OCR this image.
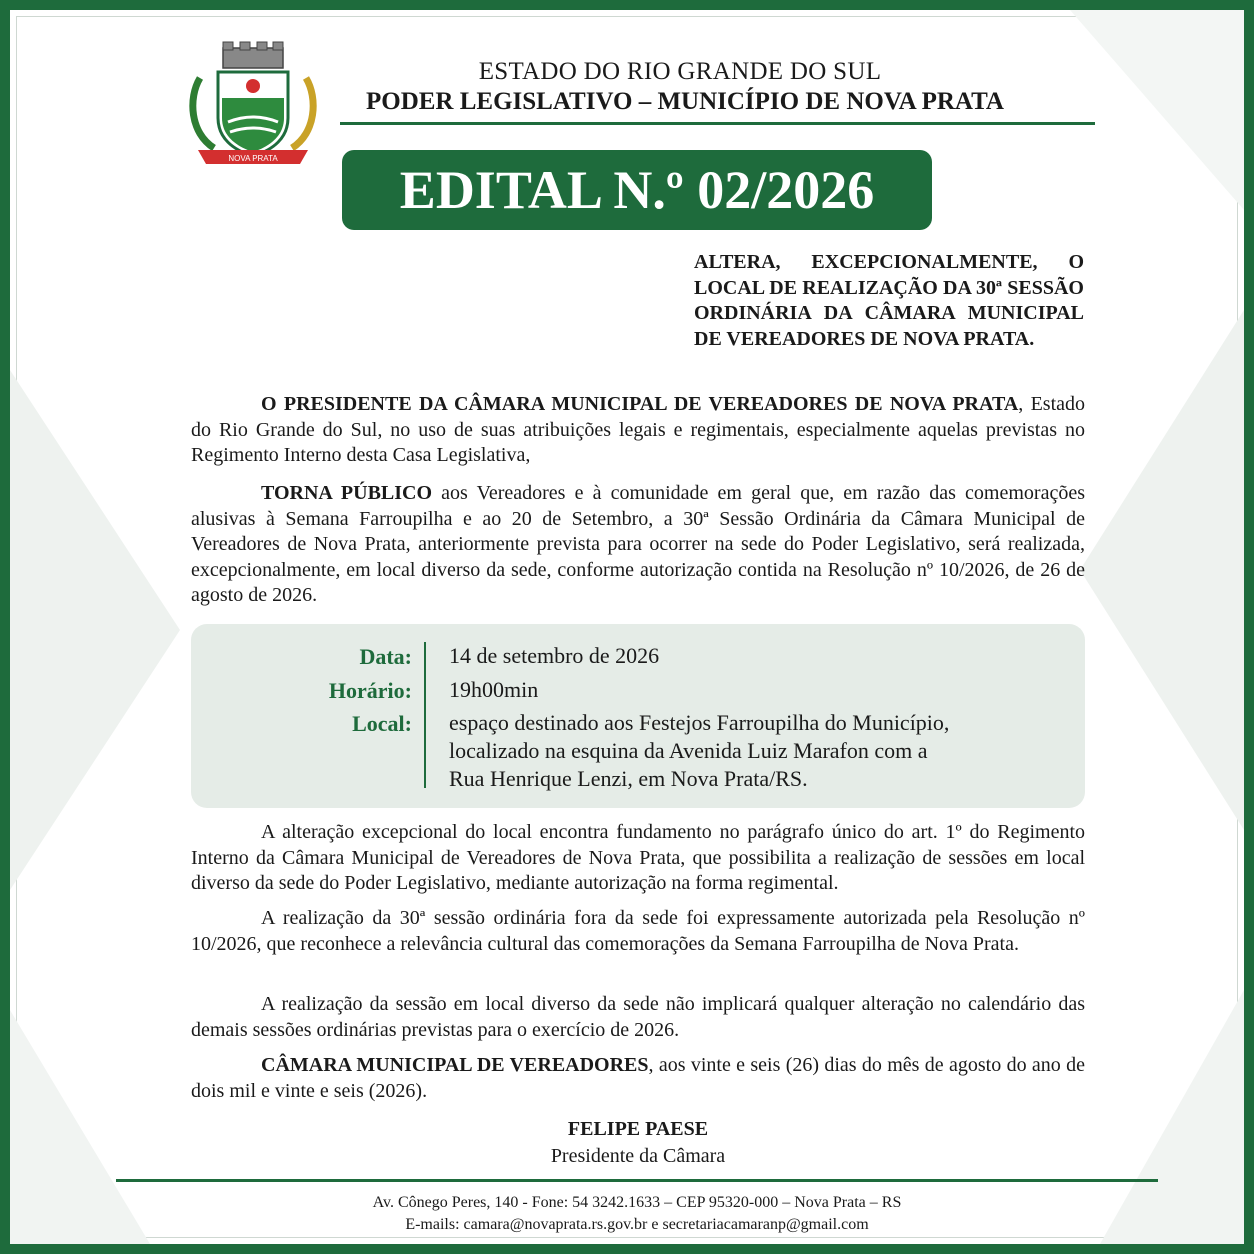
NOVA PRATA
ESTADO DO RIO GRANDE DO SUL
PODER LEGISLATIVO – MUNICÍPIO DE NOVA PRATA
EDITAL N.º 02/2026
ALTERA, EXCEPCIONALMENTE, O LOCAL DE REALIZAÇÃO DA 30ª SESSÃO ORDINÁRIA DA CÂMARA MUNICIPAL DE VEREADORES DE NOVA PRATA.
O PRESIDENTE DA CÂMARA MUNICIPAL DE VEREADORES DE NOVA PRATA, Estado do Rio Grande do Sul, no uso de suas atribuições legais e regimentais, especialmente aquelas previstas no Regimento Interno desta Casa Legislativa,
TORNA PÚBLICO aos Vereadores e à comunidade em geral que, em razão das comemorações alusivas à Semana Farroupilha e ao 20 de Setembro, a 30ª Sessão Ordinária da Câmara Municipal de Vereadores de Nova Prata, anteriormente prevista para ocorrer na sede do Poder Legislativo, será realizada, excepcionalmente, em local diverso da sede, conforme autorização contida na Resolução nº 10/2026, de 26 de agosto de 2026.
Data: 14 de setembro de 2026
Horário: 19h00min
Local: espaço destinado aos Festejos Farroupilha do Município,
localizado na esquina da Avenida Luiz Marafon com a
Rua Henrique Lenzi, em Nova Prata/RS.
A alteração excepcional do local encontra fundamento no parágrafo único do art. 1º do Regimento Interno da Câmara Municipal de Vereadores de Nova Prata, que possibilita a realização de sessões em local diverso da sede do Poder Legislativo, mediante autorização na forma regimental.
A realização da 30ª sessão ordinária fora da sede foi expressamente autorizada pela Resolução nº 10/2026, que reconhece a relevância cultural das comemorações da Semana Farroupilha de Nova Prata.
A realização da sessão em local diverso da sede não implicará qualquer alteração no calendário das demais sessões ordinárias previstas para o exercício de 2026.
CÂMARA MUNICIPAL DE VEREADORES, aos vinte e seis (26) dias do mês de agosto do ano de dois mil e vinte e seis (2026).
FELIPE PAESE
Presidente da Câmara
Av. Cônego Peres, 140 - Fone: 54 3242.1633 – CEP 95320-000 – Nova Prata – RS
E-mails: camara@novaprata.rs.gov.br e secretariacamaranp@gmail.com
